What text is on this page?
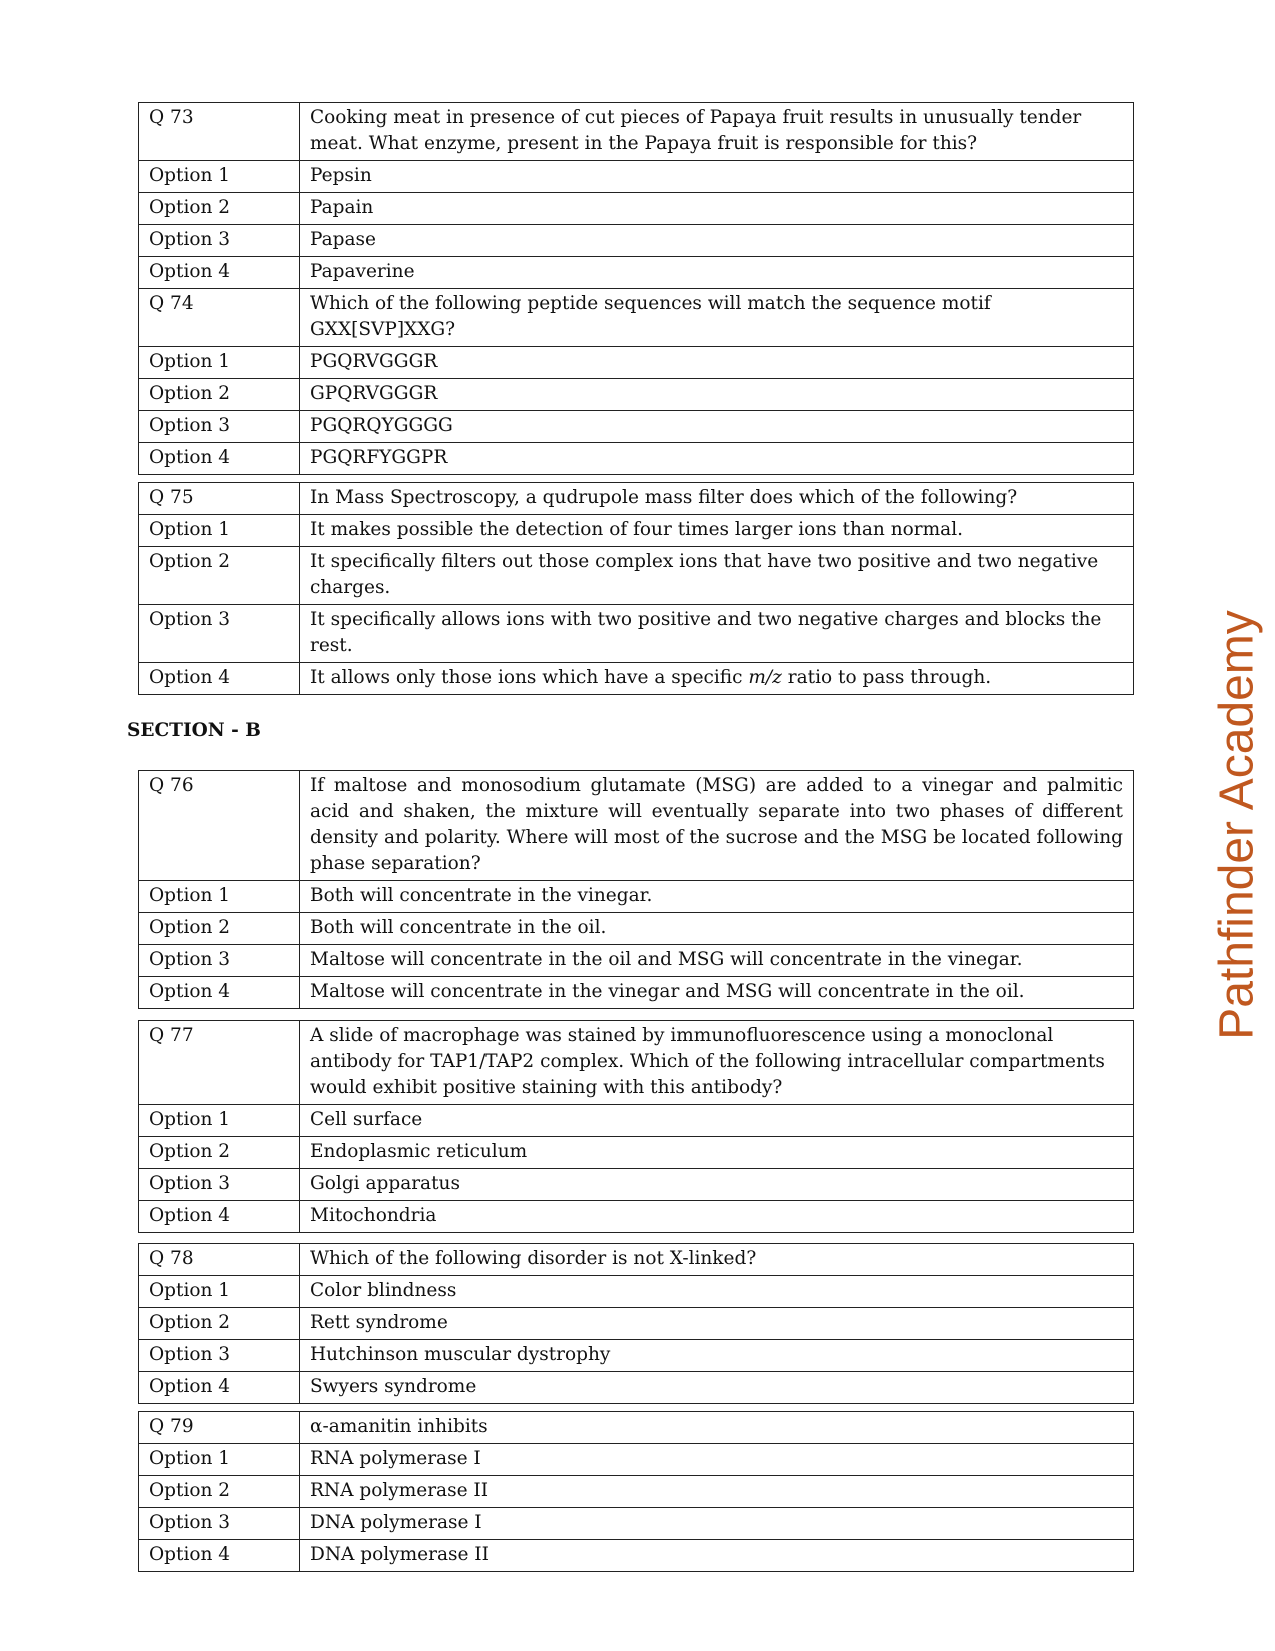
Q 73	Cooking meat in presence of cut pieces of Papaya fruit results in unusually tender meat. What enzyme, present in the Papaya fruit is responsible for this?
Option 1	Pepsin
Option 2	Papain
Option 3	Papase
Option 4	Papaverine
Q 74	Which of the following peptide sequences will match the sequence motif GXX[SVP]XXG?
Option 1	PGQRVGGGR
Option 2	GPQRVGGGR
Option 3	PGQRQYGGGG
Option 4	PGQRFYGGPR
Q 75	In Mass Spectroscopy, a qudrupole mass filter does which of the following?
Option 1	It makes possible the detection of four times larger ions than normal.
Option 2	It specifically filters out those complex ions that have two positive and two negative charges.
Option 3	It specifically allows ions with two positive and two negative charges and blocks the rest.
Option 4	It allows only those ions which have a specific m/z ratio to pass through.
SECTION - B
Q 76	If maltose and monosodium glutamate (MSG) are added to a vinegar and palmitic acid and shaken, the mixture will eventually separate into two phases of different density and polarity. Where will most of the sucrose and the MSG be located following phase separation?
Option 1	Both will concentrate in the vinegar.
Option 2	Both will concentrate in the oil.
Option 3	Maltose will concentrate in the oil and MSG will concentrate in the vinegar.
Option 4	Maltose will concentrate in the vinegar and MSG will concentrate in the oil.
Q 77	A slide of macrophage was stained by immunofluorescence using a monoclonal antibody for TAP1/TAP2 complex. Which of the following intracellular compartments would exhibit positive staining with this antibody?
Option 1	Cell surface
Option 2	Endoplasmic reticulum
Option 3	Golgi apparatus
Option 4	Mitochondria
Q 78	Which of the following disorder is not X-linked?
Option 1	Color blindness
Option 2	Rett syndrome
Option 3	Hutchinson muscular dystrophy
Option 4	Swyers syndrome
Q 79	α-amanitin inhibits
Option 1	RNA polymerase I
Option 2	RNA polymerase II
Option 3	DNA polymerase I
Option 4	DNA polymerase II
Pathfinder Academy
